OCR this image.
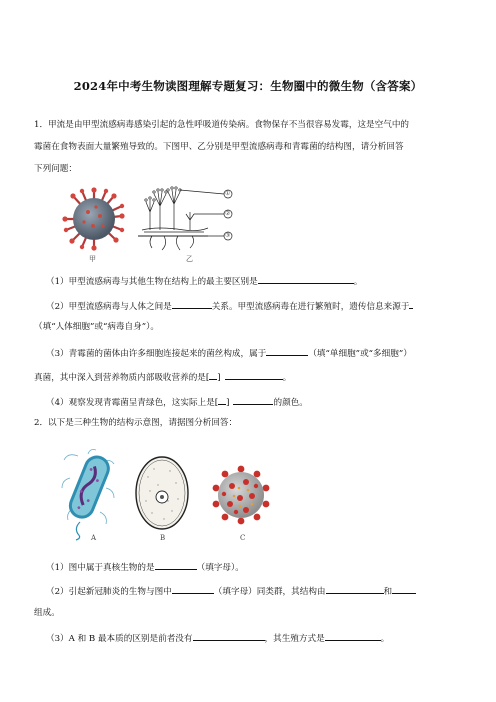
2024年中考生物读图理解专题复习：生物圈中的微生物（含答案）
1．甲流是由甲型流感病毒感染引起的急性呼吸道传染病。食物保存不当很容易发霉，这是空气中的
霉菌在食物表面大量繁殖导致的。下图甲、乙分别是甲型流感病毒和青霉菌的结构图，请分析回答
下列问题：
甲
①
②
③
乙
（1）甲型流感病毒与其他生物在结构上的最主要区别是	。
（2）甲型流感病毒与人体之间是	关系。甲型流感病毒在进行繁殖时，遗传信息来源于
（填“人体细胞”或“病毒自身”）。
（3）青霉菌的菌体由许多细胞连接起来的菌丝构成，属于	（填“单细胞”或“多细胞”）
真菌，其中深入到营养物质内部吸收营养的是[ ]	。
（4）观察发现青霉菌呈青绿色，这实际上是[ ]	的颜色。
2．以下是三种生物的结构示意图，请据图分析回答：
A	B	C
（1）图中属于真核生物的是	（填字母）。
（2）引起新冠肺炎的生物与图中	（填字母）同类群，其结构由	和
组成。
（3）A 和 B 最本质的区别是前者没有	，其生殖方式是	。
